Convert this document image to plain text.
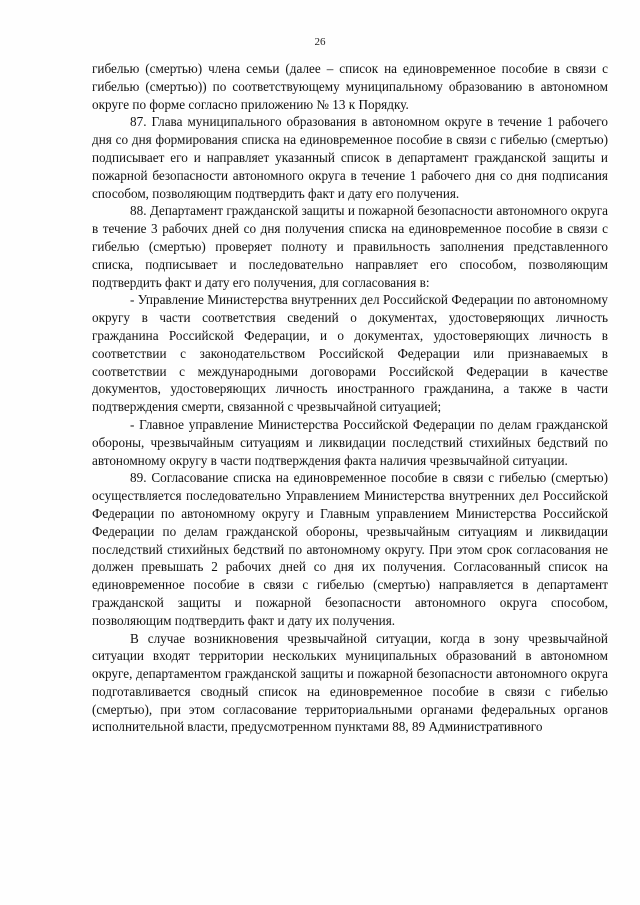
26

гибелью (смертью) члена семьи (далее – список на единовременное пособие в связи с гибелью (смертью)) по соответствующему муниципальному образованию в автономном округе по форме согласно приложению № 13 к Порядку.

87. Глава муниципального образования в автономном округе в течение 1 рабочего дня со дня формирования списка на единовременное пособие в связи с гибелью (смертью) подписывает его и направляет указанный список в департамент гражданской защиты и пожарной безопасности автономного округа в течение 1 рабочего дня со дня подписания способом, позволяющим подтвердить факт и дату его получения.

88. Департамент гражданской защиты и пожарной безопасности автономного округа в течение 3 рабочих дней со дня получения списка на единовременное пособие в связи с гибелью (смертью) проверяет полноту и правильность заполнения представленного списка, подписывает и последовательно направляет его способом, позволяющим подтвердить факт и дату его получения, для согласования в:

- Управление Министерства внутренних дел Российской Федерации по автономному округу в части соответствия сведений о документах, удостоверяющих личность гражданина Российской Федерации, и о документах, удостоверяющих личность в соответствии с законодательством Российской Федерации или признаваемых в соответствии с международными договорами Российской Федерации в качестве документов, удостоверяющих личность иностранного гражданина, а также в части подтверждения смерти, связанной с чрезвычайной ситуацией;

- Главное управление Министерства Российской Федерации по делам гражданской обороны, чрезвычайным ситуациям и ликвидации последствий стихийных бедствий по автономному округу в части подтверждения факта наличия чрезвычайной ситуации.

89. Согласование списка на единовременное пособие в связи с гибелью (смертью) осуществляется последовательно Управлением Министерства внутренних дел Российской Федерации по автономному округу и Главным управлением Министерства Российской Федерации по делам гражданской обороны, чрезвычайным ситуациям и ликвидации последствий стихийных бедствий по автономному округу. При этом срок согласования не должен превышать 2 рабочих дней со дня их получения. Согласованный список на единовременное пособие в связи с гибелью (смертью) направляется в департамент гражданской защиты и пожарной безопасности автономного округа способом, позволяющим подтвердить факт и дату их получения.

В случае возникновения чрезвычайной ситуации, когда в зону чрезвычайной ситуации входят территории нескольких муниципальных образований в автономном округе, департаментом гражданской защиты и пожарной безопасности автономного округа подготавливается сводный список на единовременное пособие в связи с гибелью (смертью), при этом согласование территориальными органами федеральных органов исполнительной власти, предусмотренном пунктами 88, 89 Административного
